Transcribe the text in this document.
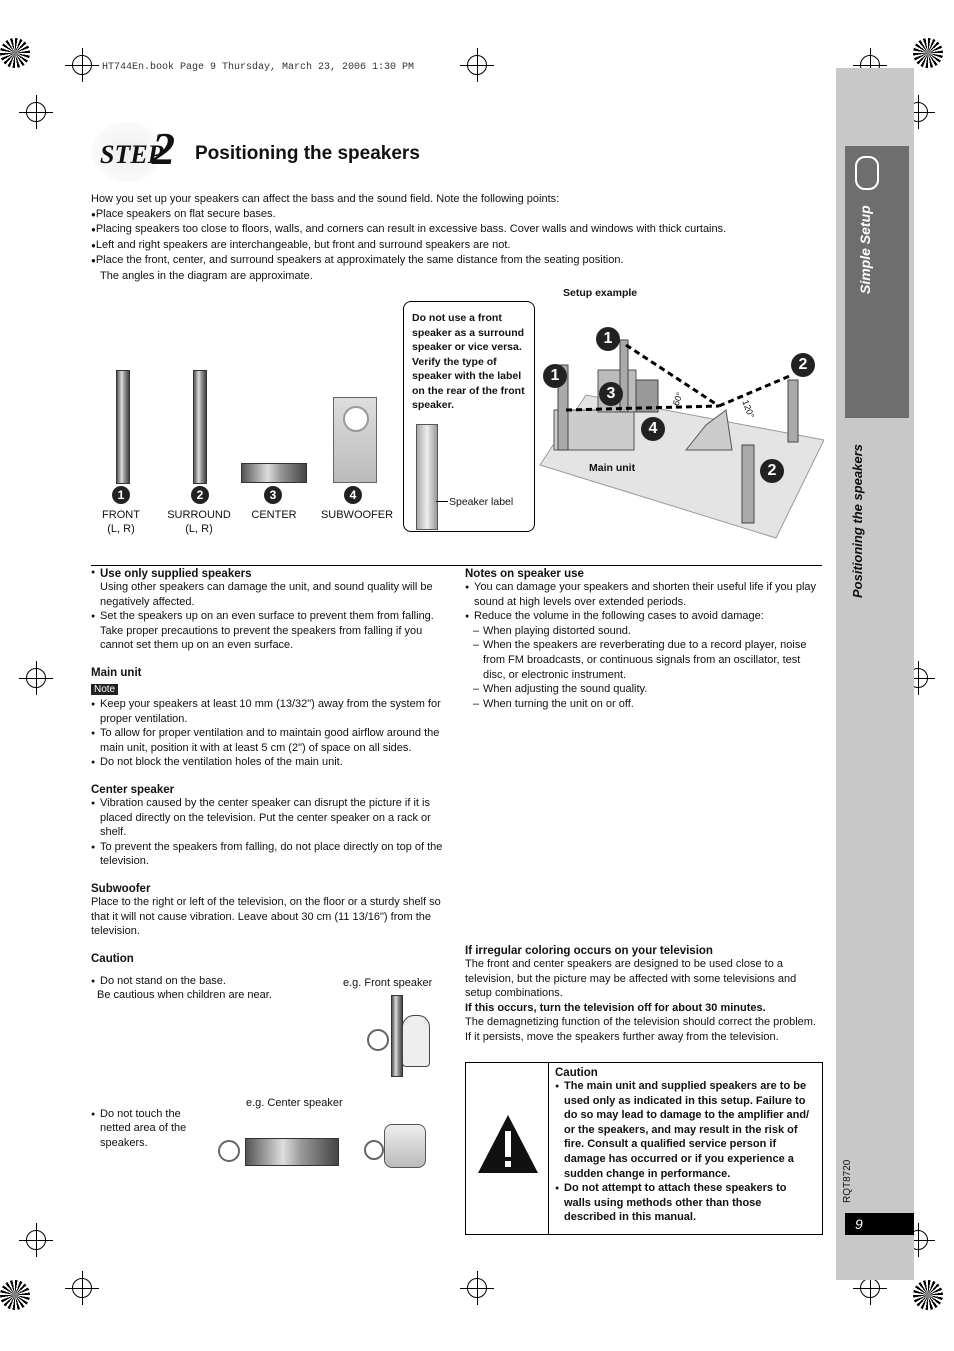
HT744En.book Page 9 Thursday, March 23, 2006 1:30 PM
Simple Setup
Positioning the speakers
RQT8720
9
STEP
2 Positioning the speakers
How you set up your speakers can affect the bass and the sound field. Note the following points:
● Place speakers on flat secure bases.
● Placing speakers too close to floors, walls, and corners can result in excessive bass. Cover walls and windows with thick curtains.
● Left and right speakers are interchangeable, but front and surround speakers are not.
● Place the front, center, and surround speakers at approximately the same distance from the seating position.
The angles in the diagram are approximate.
1	2	3	4
FRONT
(L, R)
SURROUND
(L, R)
CENTER	SUBWOOFER
Do not use a front speaker as a surround speaker or vice versa. Verify the type of speaker with the label on the rear of the front speaker.
Speaker label
Setup example
60°	120°
1
1
2
2
3
4
Main unit
● Use only supplied speakers
Using other speakers can damage the unit, and sound quality will be negatively affected.
● Set the speakers up on an even surface to prevent them from falling. Take proper precautions to prevent the speakers from falling if you cannot set them up on an even surface.
Main unit
Note
● Keep your speakers at least 10 mm (13/32") away from the system for proper ventilation.
● To allow for proper ventilation and to maintain good airflow around the main unit, position it with at least 5 cm (2") of space on all sides.
● Do not block the ventilation holes of the main unit.
Center speaker
● Vibration caused by the center speaker can disrupt the picture if it is placed directly on the television. Put the center speaker on a rack or shelf.
● To prevent the speakers from falling, do not place directly on top of the television.
Subwoofer
Place to the right or left of the television, on the floor or a sturdy shelf so that it will not cause vibration. Leave about 30 cm (11 13/16") from the television.
Caution
● Do not stand on the base.
Be cautious when children are near.
e.g. Front speaker
● Do not touch the netted area of the speakers.
e.g. Center speaker
Notes on speaker use
● You can damage your speakers and shorten their useful life if you play sound at high levels over extended periods.
● Reduce the volume in the following cases to avoid damage:
– When playing distorted sound.
– When the speakers are reverberating due to a record player, noise from FM broadcasts, or continuous signals from an oscillator, test disc, or electronic instrument.
– When adjusting the sound quality.
– When turning the unit on or off.
If irregular coloring occurs on your television
The front and center speakers are designed to be used close to a television, but the picture may be affected with some televisions and setup combinations.
If this occurs, turn the television off for about 30 minutes.
The demagnetizing function of the television should correct the problem. If it persists, move the speakers further away from the television.
Caution
● The main unit and supplied speakers are to be used only as indicated in this setup. Failure to do so may lead to damage to the amplifier and/ or the speakers, and may result in the risk of fire. Consult a qualified service person if damage has occurred or if you experience a sudden change in performance.
● Do not attempt to attach these speakers to walls using methods other than those described in this manual.
